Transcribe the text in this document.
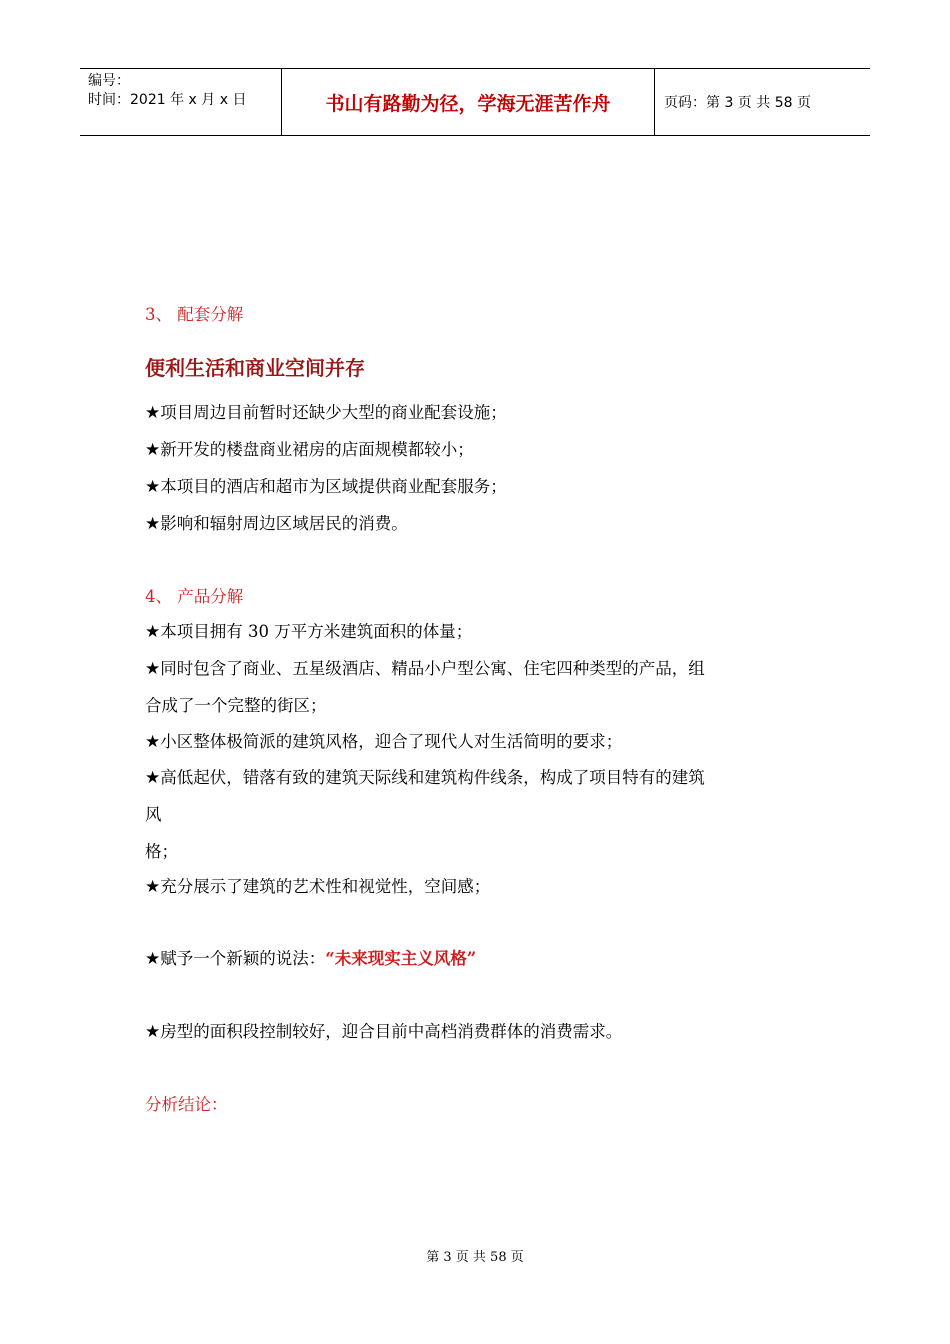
编号：
时间：2021 年 x 月 x 日	书山有路勤为径，学海无涯苦作舟	页码：第 3 页 共 58 页
3、 配套分解
便利生活和商业空间并存
★项目周边目前暂时还缺少大型的商业配套设施；
★新开发的楼盘商业裙房的店面规模都较小；
★本项目的酒店和超市为区域提供商业配套服务；
★影响和辐射周边区域居民的消费。
4、 产品分解
★本项目拥有 30 万平方米建筑面积的体量；
★同时包含了商业、五星级酒店、精品小户型公寓、住宅四种类型的产品，组
合成了一个完整的街区；
★小区整体极简派的建筑风格，迎合了现代人对生活简明的要求；
★高低起伏，错落有致的建筑天际线和建筑构件线条，构成了项目特有的建筑
风
格；
★充分展示了建筑的艺术性和视觉性，空间感；
★赋予一个新颖的说法：“未来现实主义风格”
★房型的面积段控制较好，迎合目前中高档消费群体的消费需求。
分析结论：
第 3 页 共 58 页
